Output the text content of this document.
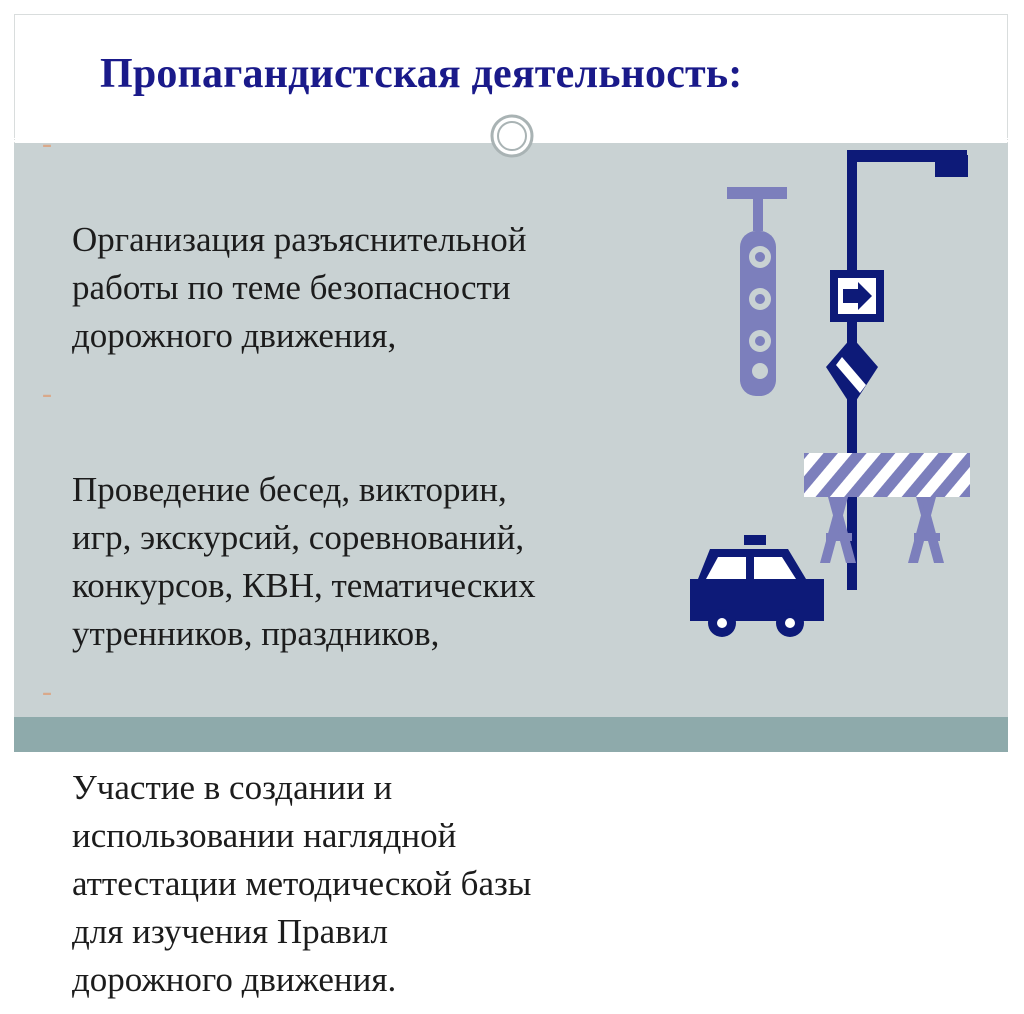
Пропагандистская деятельность:

-

Организация разъяснительной
работы по теме безопасности
дорожного движения,

-

Проведение бесед, викторин,
игр, экскурсий, соревнований,
конкурсов, КВН, тематических
утренников, праздников,

-

Участие в создании и
использовании наглядной
аттестации методической базы
для изучения Правил
дорожного движения.
